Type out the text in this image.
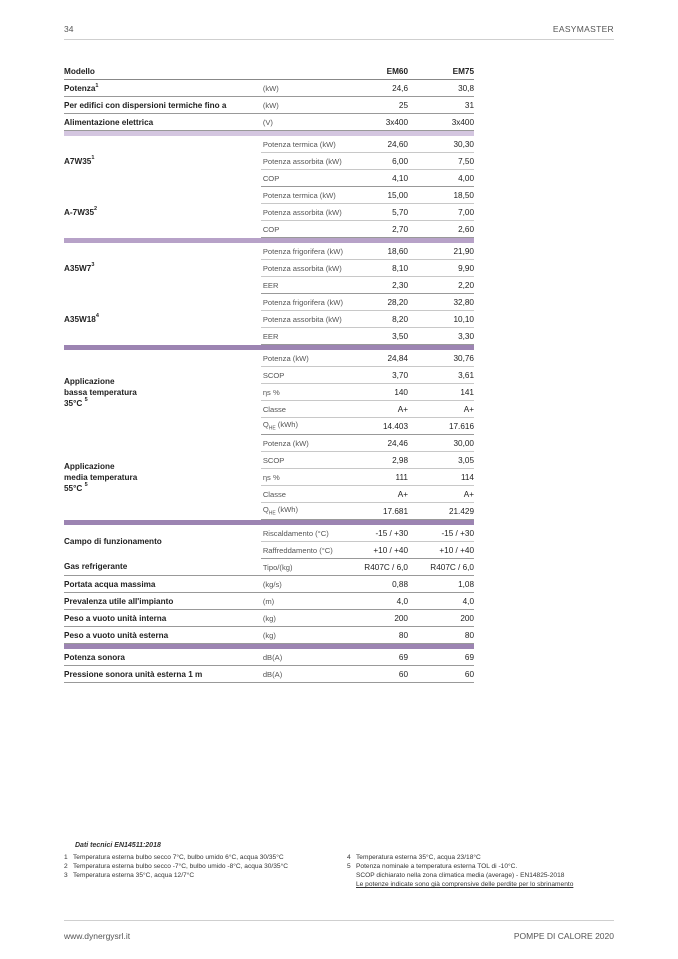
34	EASYMASTER
Modello		EM60	EM75
Potenza$^1$	(kW)	24,6	30,8
Per edifici con dispersioni termiche fino a	(kW)	25	31
Alimentazione elettrica	(V)	3x400	3x400

$A7W35^1$	Potenza termica (kW)	24,60	30,30
	Potenza assorbita (kW)	6,00	7,50
	COP	4,10	4,00
$A-7W35^2$	Potenza termica (kW)	15,00	18,50
	Potenza assorbita (kW)	5,70	7,00
	COP	2,70	2,60

$A35W7^3$	Potenza frigorifera (kW)	18,60	21,90
	Potenza assorbita (kW)	8,10	9,90
	EER	2,30	2,20
$A35W18^4$	Potenza frigorifera (kW)	28,20	32,80
	Potenza assorbita (kW)	8,20	10,10
	EER	3,50	3,30

Applicazione
bassa temperatura
35°C $^5$	Potenza (kW)	24,84	30,76
	SCOP	3,70	3,61
	ηs %	140	141
	Classe	A+	A+
	$Q_{HE}$ (kWh)	14.403	17.616

Applicazione
media temperatura
55°C $^5$	Potenza (kW)	24,46	30,00
	SCOP	2,98	3,05
	ηs %	111	114
	Classe	A+	A+
	$Q_{HE}$ (kWh)	17.681	21.429

Campo di funzionamento	Riscaldamento (°C)	-15 / +30	-15 / +30
	Raffreddamento (°C)	+10 / +40	+10 / +40
Gas refrigerante	Tipo/(kg)	R407C / 6,0	R407C / 6,0
Portata acqua massima	(kg/s)	0,88	1,08
Prevalenza utile all'impianto	(m)	4,0	4,0
Peso a vuoto unità interna	(kg)	200	200
Peso a vuoto unità esterna	(kg)	80	80

Potenza sonora	dB(A)	69	69
Pressione sonora unità esterna 1 m	dB(A)	60	60
Dati tecnici EN14511:2018
1 Temperatura esterna bulbo secco 7°C, bulbo umido 6°C, acqua 30/35°C
2 Temperatura esterna bulbo secco -7°C, bulbo umido -8°C, acqua 30/35°C
3 Temperatura esterna 35°C, acqua 12/7°C
4 Temperatura esterna 35°C, acqua 23/18°C
5 Potenza nominale a temperatura esterna TOL di -10°C.
SCOP dichiarato nella zona climatica media (average) - EN14825-2018
Le potenze indicate sono già comprensive delle perdite per lo sbrinamento
www.dynergysrl.it	POMPE DI CALORE 2020
